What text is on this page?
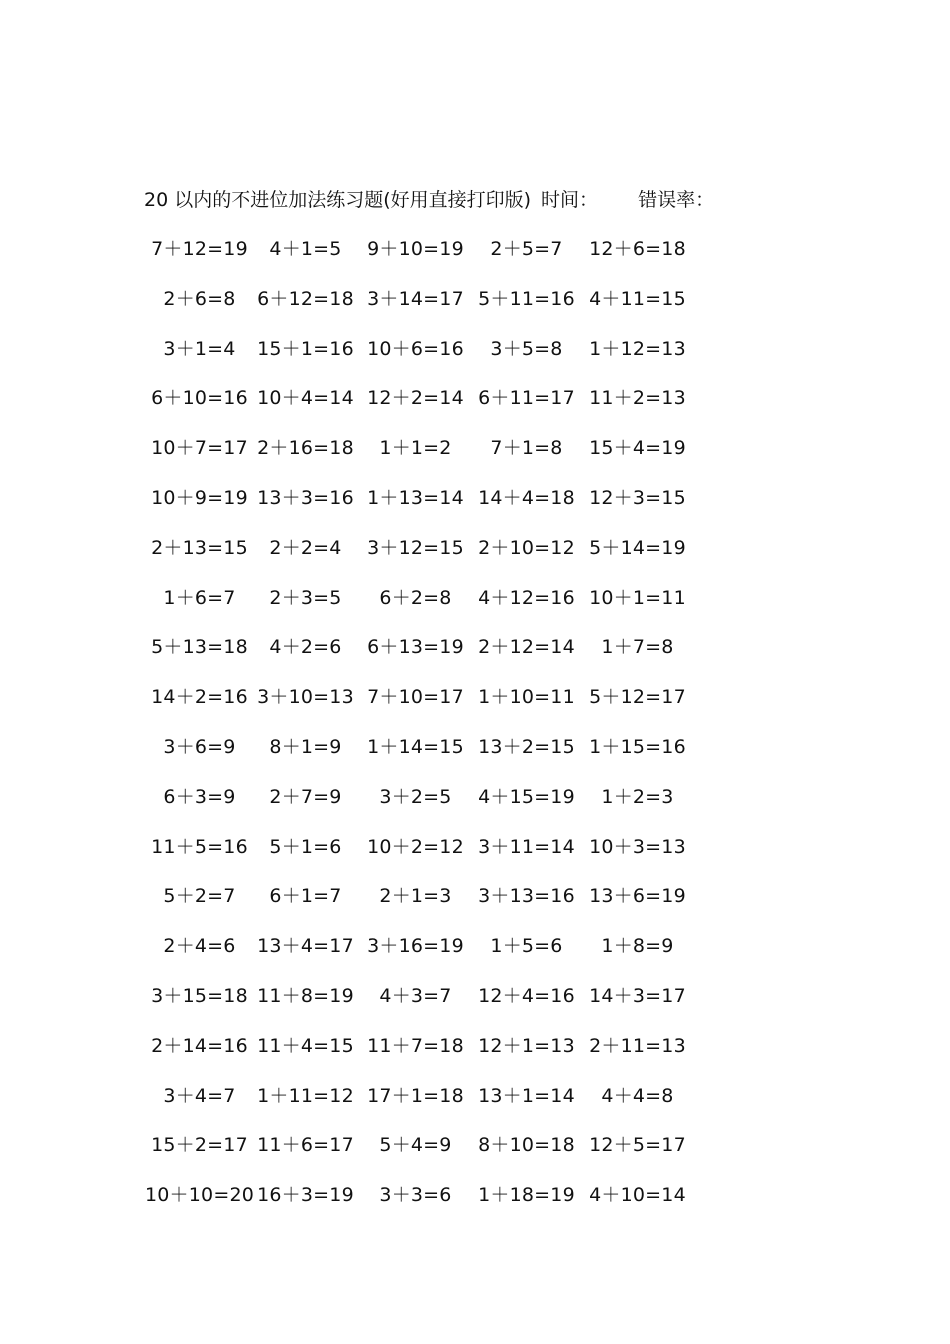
20 以内的不进位加法练习题(好用直接打印版) 时间： 错误率：
7＋12=19	4＋1=5	9＋10=19	2＋5=7	12＋6=18
2＋6=8	6＋12=18 3＋14=17 5＋11=16 4＋11=15
3＋1=4	15＋1=16 10＋6=16	3＋5=8	1＋12=13
6＋10=16 10＋4=14 12＋2=14 6＋11=17 11＋2=13
10＋7=17 2＋16=18	1＋1=2	7＋1=8	15＋4=19
10＋9=19 13＋3=16 1＋13=14 14＋4=18 12＋3=15
2＋13=15	2＋2=4	3＋12=15 2＋10=12 5＋14=19
1＋6=7	2＋3=5	6＋2=8	4＋12=16 10＋1=11
5＋13=18	4＋2=6	6＋13=19 2＋12=14	1＋7=8
14＋2=16 3＋10=13 7＋10=17 1＋10=11 5＋12=17
3＋6=9	8＋1=9	1＋14=15 13＋2=15 1＋15=16
6＋3=9	2＋7=9	3＋2=5	4＋15=19	1＋2=3
11＋5=16	5＋1=6	10＋2=12 3＋11=14 10＋3=13
5＋2=7	6＋1=7	2＋1=3	3＋13=16 13＋6=19
2＋4=6	13＋4=17 3＋16=19	1＋5=6	1＋8=9
3＋15=18 11＋8=19	4＋3=7	12＋4=16 14＋3=17
2＋14=16 11＋4=15 11＋7=18 12＋1=13 2＋11=13
3＋4=7	1＋11=12 17＋1=18 13＋1=14	4＋4=8
15＋2=17 11＋6=17	5＋4=9	8＋10=18 12＋5=17
10＋10=20 16＋3=19	3＋3=6	1＋18=19 4＋10=14
